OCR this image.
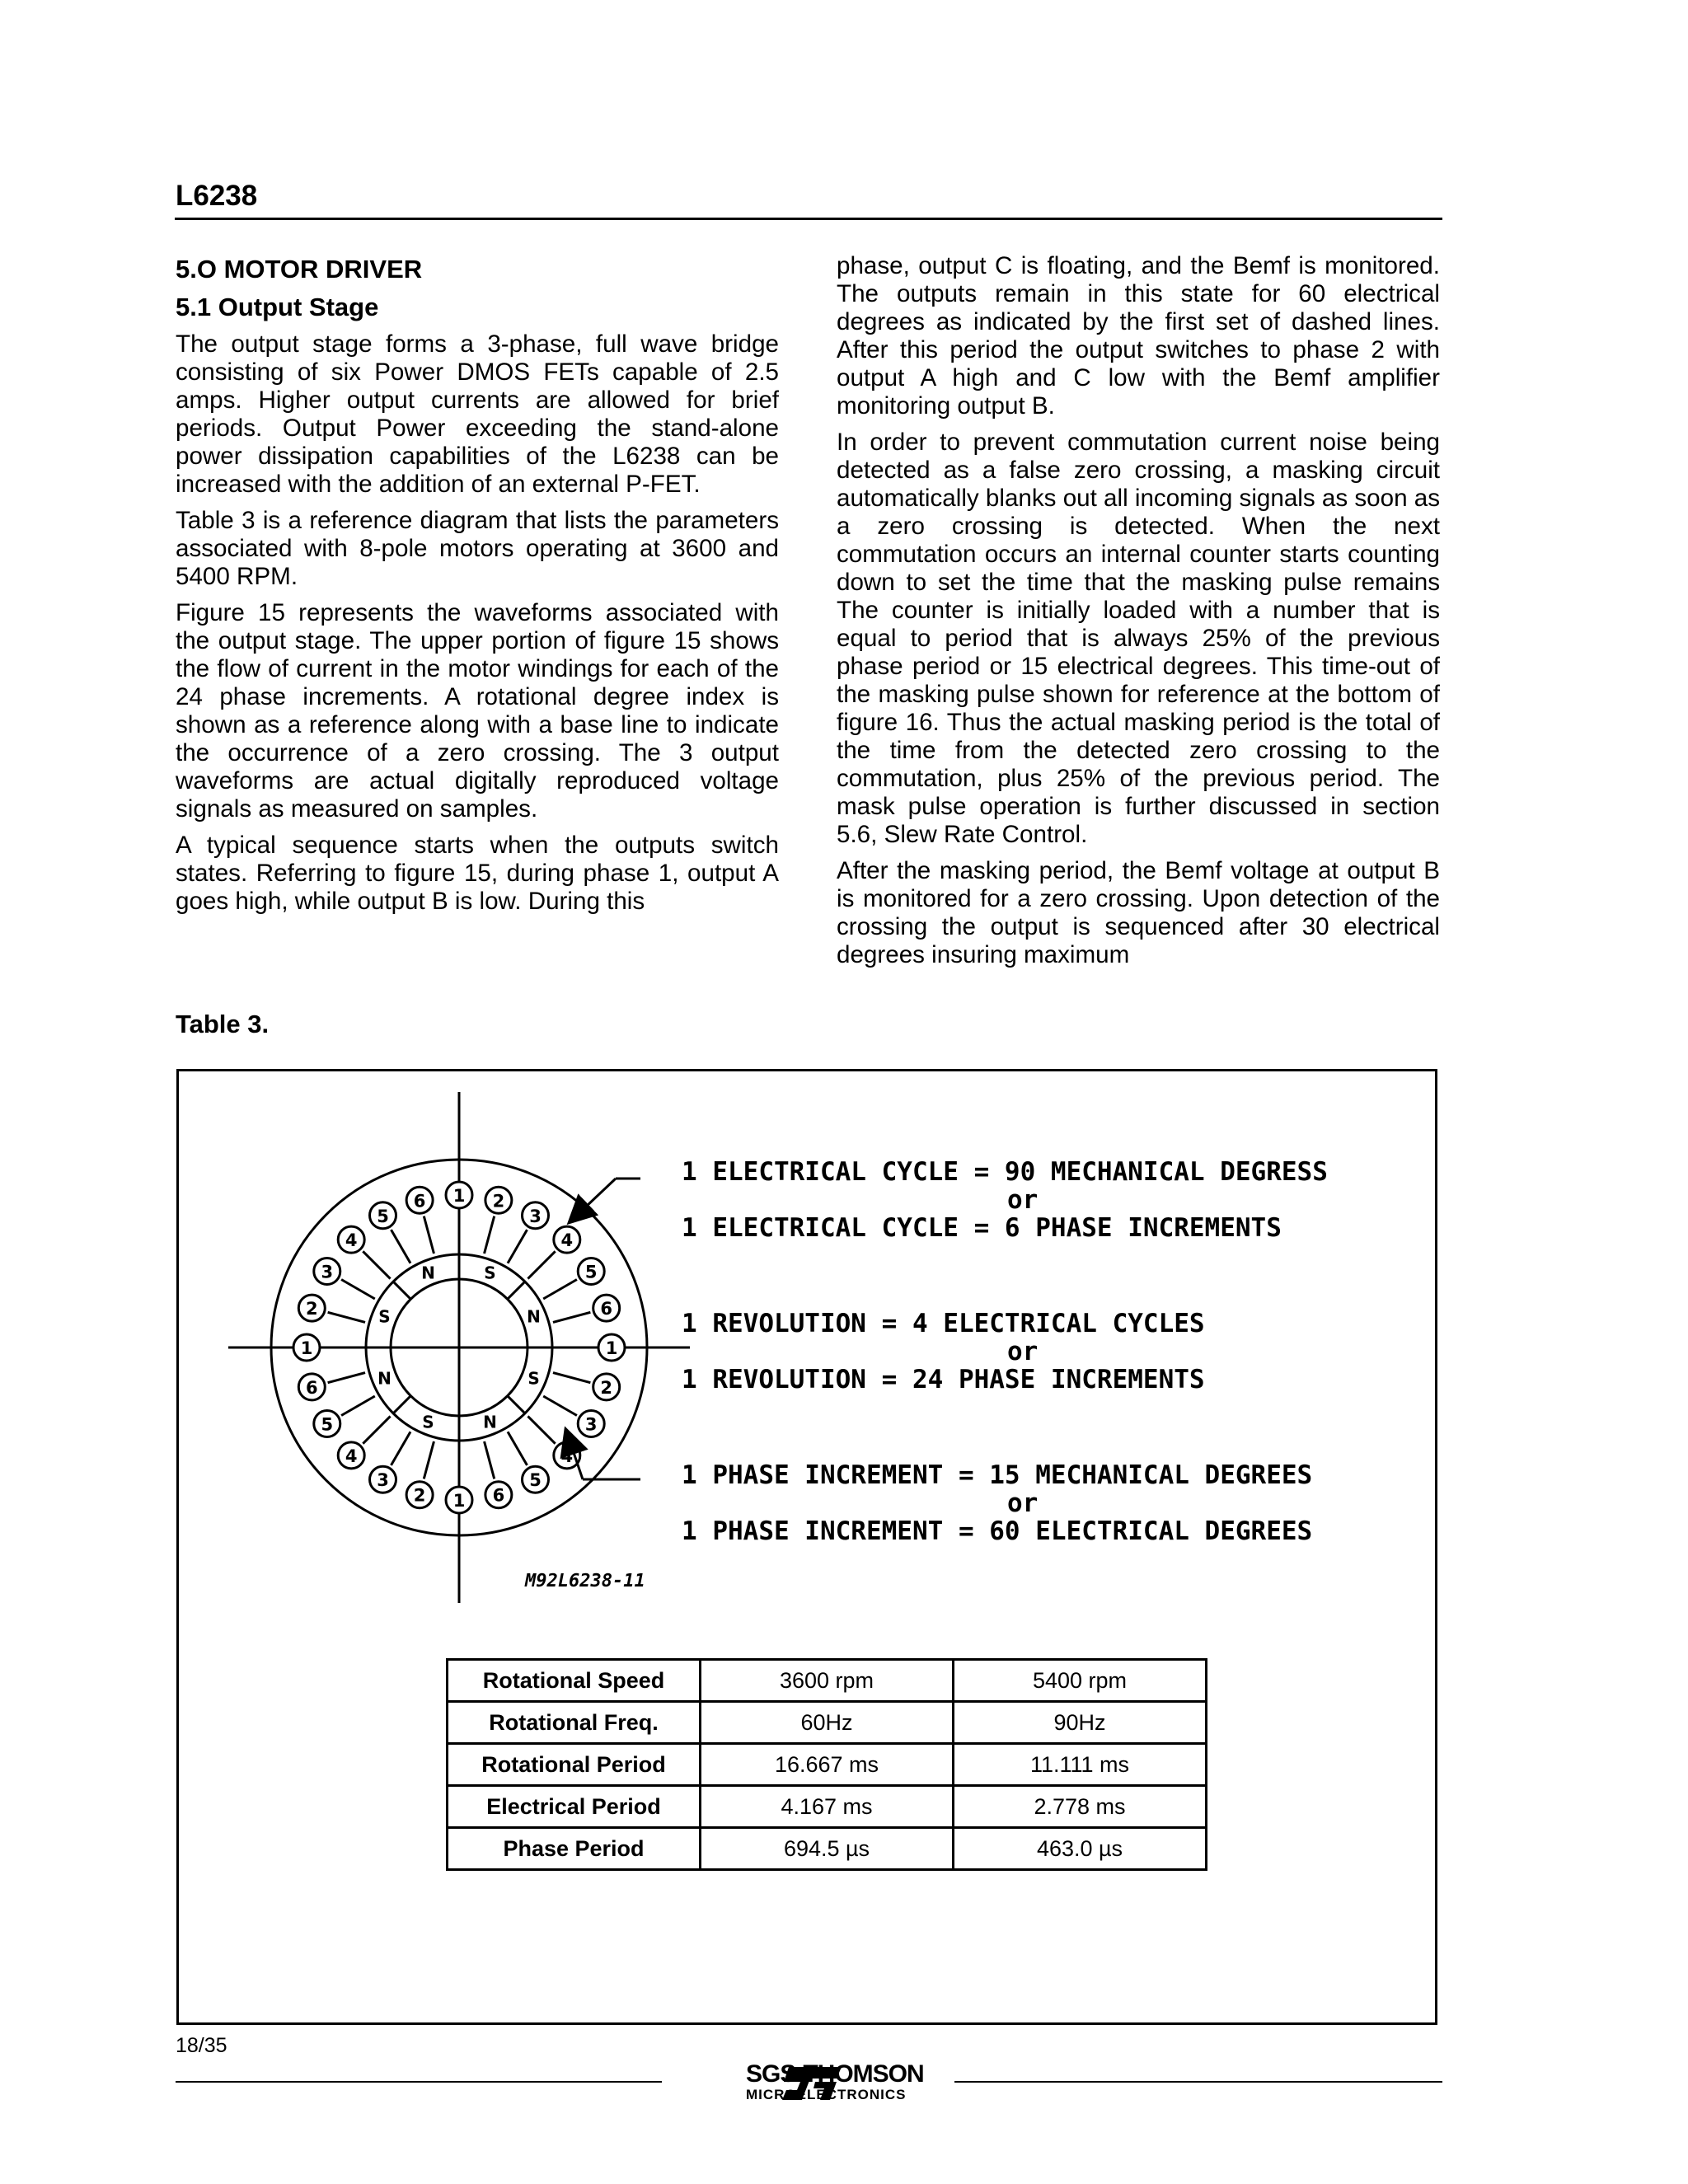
L6238
5.O MOTOR DRIVER
5.1 Output Stage

The output stage forms a 3-phase, full wave bridge consisting of six Power DMOS FETs capable of 2.5 amps. Higher output currents are allowed for brief periods. Output Power exceeding the stand-alone power dissipation capabilities of the L6238 can be increased with the addition of an external P-FET.

Table 3 is a reference diagram that lists the parameters associated with 8-pole motors operating at 3600 and 5400 RPM.

Figure 15 represents the waveforms associated with the output stage. The upper portion of figure 15 shows the flow of current in the motor windings for each of the 24 phase increments. A rotational degree index is shown as a reference along with a base line to indicate the occurrence of a zero crossing. The 3 output waveforms are actual digitally reproduced voltage signals as measured on samples.

A typical sequence starts when the outputs switch states. Referring to figure 15, during phase 1, output A goes high, while output B is low. During this

phase, output C is floating, and the Bemf is monitored. The outputs remain in this state for 60 electrical degrees as indicated by the first set of dashed lines. After this period the output switches to phase 2 with output A high and C low with the Bemf amplifier monitoring output B.

In order to prevent commutation current noise being detected as a false zero crossing, a masking circuit automatically blanks out all incoming signals as soon as a zero crossing is detected. When the next commutation occurs an internal counter starts counting down to set the time that the masking pulse remains The counter is initially loaded with a number that is equal to period that is always 25% of the previous phase period or 15 electrical degrees. This time-out of the masking pulse shown for reference at the bottom of figure 16. Thus the actual masking period is the total of the time from the detected zero crossing to the commutation, plus 25% of the previous period. The mask pulse operation is further discussed in section 5.6, Slew Rate Control.

After the masking period, the Bemf voltage at output B is monitored for a zero crossing. Upon detection of the crossing the output is sequenced after 30 electrical degrees insuring maximum

Table 3.
1 2
3
4
5
6
1
2
3
4
5
6
1
2
3
4
5
6
1
2
3
4
5
6
N	S
N
S
N
S
N
S
1 ELECTRICAL CYCLE = 90 MECHANICAL DEGRESS
or
1 ELECTRICAL CYCLE = 6 PHASE INCREMENTS
1 REVOLUTION = 4 ELECTRICAL CYCLES
or
1 REVOLUTION = 24 PHASE INCREMENTS
1 PHASE INCREMENT = 15 MECHANICAL DEGREES
or
1 PHASE INCREMENT = 60 ELECTRICAL DEGREES
M92L6238-11
Rotational Speed	3600 rpm	5400 rpm
Rotational Freq.	60Hz	90Hz
Rotational Period	16.667 ms	11.111 ms
Electrical Period	4.167 ms	2.778 ms
Phase Period	694.5 µs	463.0 µs
18/35
SGS-THOMSON
MICROELECTRONICS
